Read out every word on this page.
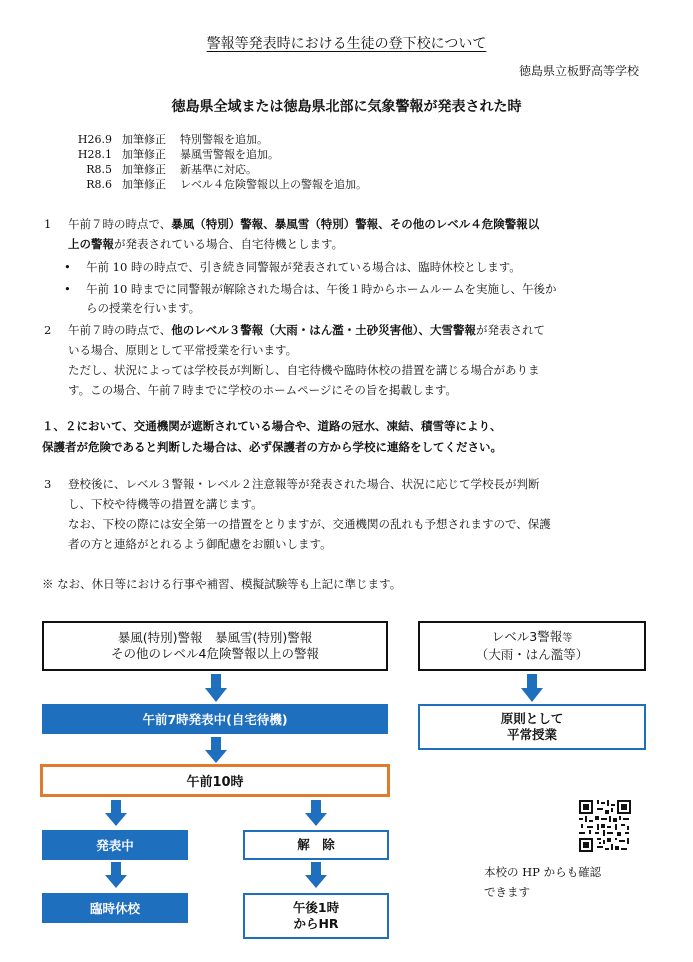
警報等発表時における生徒の登下校について
徳島県立板野高等学校
徳島県全域または徳島県北部に気象警報が発表された時
H26.9 加筆修正 特別警報を追加。
H28.1 加筆修正 暴風雪警報を追加。
R8.5 加筆修正 新基準に対応。
R8.6 加筆修正 レベル４危険警報以上の警報を追加。
1 午前７時の時点で、暴風（特別）警報、暴風雪（特別）警報、その他のレベル４危険警報以
上の警報が発表されている場合、自宅待機とします。
• 午前 10 時の時点で、引き続き同警報が発表されている場合は、臨時休校とします。
• 午前 10 時までに同警報が解除された場合は、午後１時からホームルームを実施し、午後か
らの授業を行います。
2 午前７時の時点で、他のレベル３警報（大雨・はん濫・土砂災害他）、大雪警報が発表されて
いる場合、原則として平常授業を行います。
ただし、状況によっては学校長が判断し、自宅待機や臨時休校の措置を講じる場合がありま
す。この場合、午前７時までに学校のホームページにその旨を掲載します。
１、２において、交通機関が遮断されている場合や、道路の冠水、凍結、積雪等により、
保護者が危険であると判断した場合は、必ず保護者の方から学校に連絡をしてください。
3 登校後に、レベル３警報・レベル２注意報等が発表された場合、状況に応じて学校長が判断
し、下校や待機等の措置を講じます。
なお、下校の際には安全第一の措置をとりますが、交通機関の乱れも予想されますので、保護
者の方と連絡がとれるよう御配慮をお願いします。
※ なお、休日等における行事や補習、模擬試験等も上記に準じます。
暴風(特別)警報　暴風雪(特別)警報
その他のレベル4危険警報以上の警報
午前7時発表中(自宅待機)
午前10時
発表中	解　除
臨時休校	午後1時
からHR
レベル3警報等
（大雨・はん濫等）
原則として
平常授業
本校の HP からも確認
できます
